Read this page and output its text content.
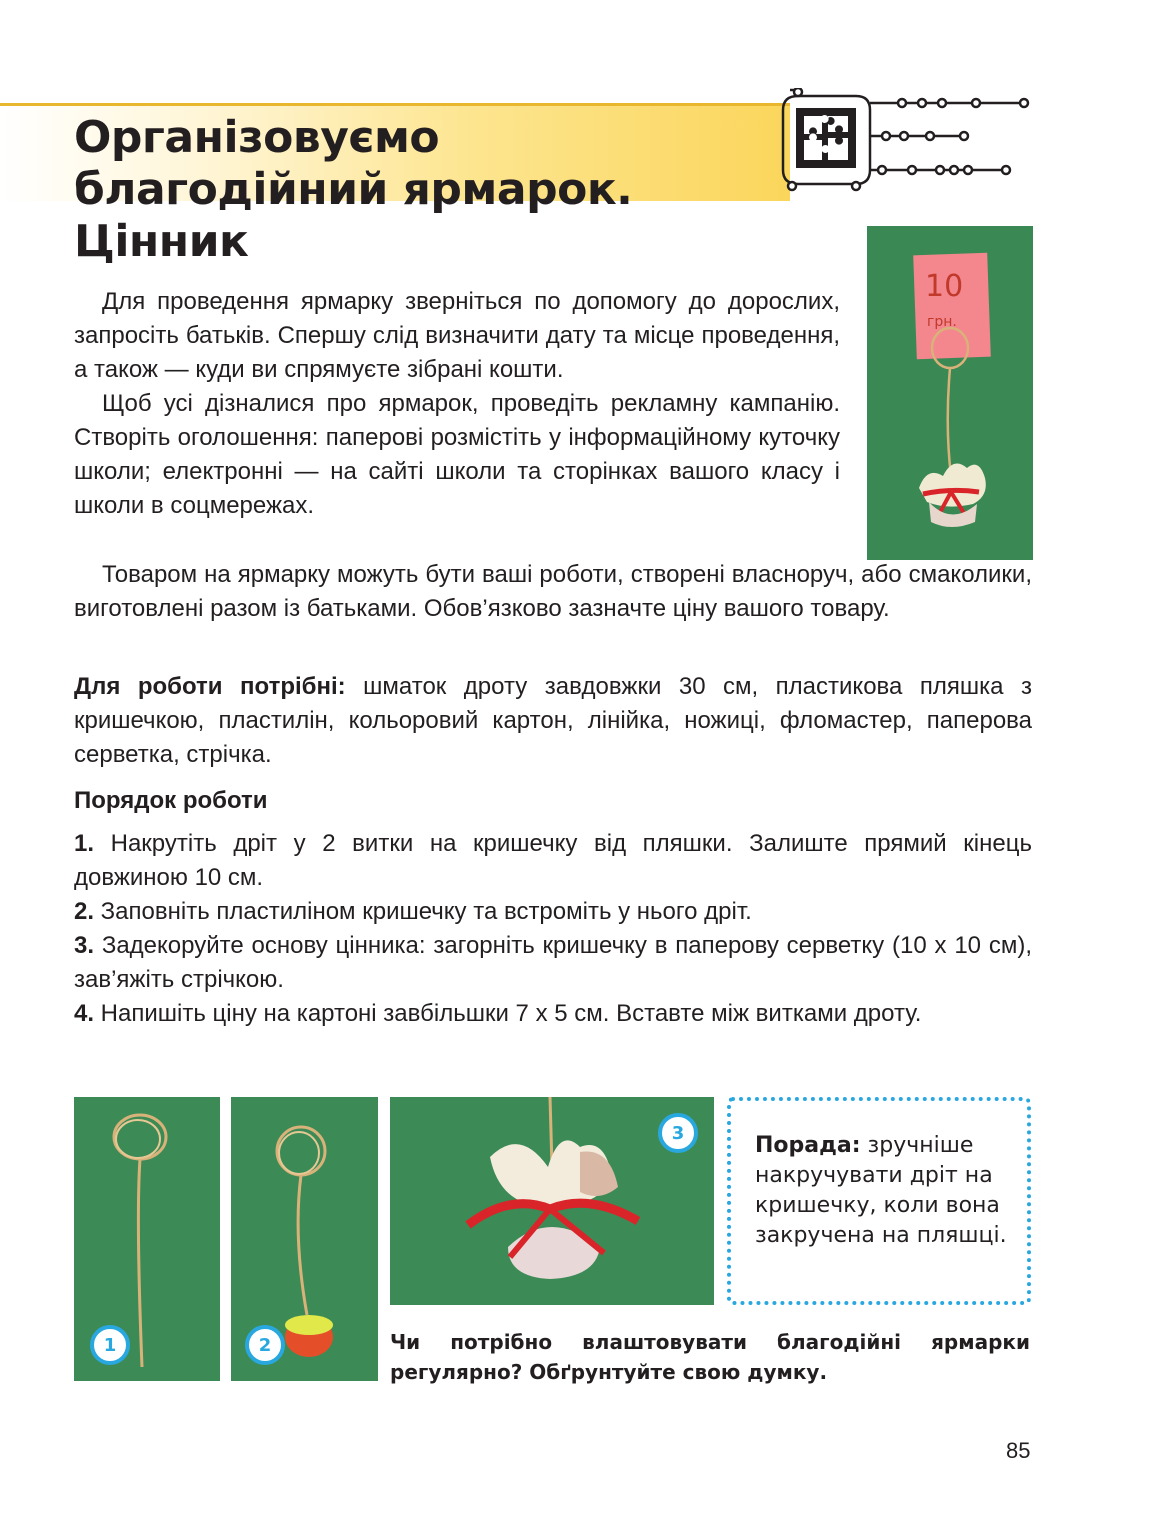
Організовуємо
благодійний ярмарок.
Цінник
10
грн.

Для проведення ярмарку зверніться по допомогу до дорослих, запросіть батьків. Спершу слід визначити дату та місце проведення, а також — куди ви спрямуєте зібрані кошти.

Щоб усі дізналися про ярмарок, проведіть рекламну кампанію. Створіть оголошення: паперові розмістіть у інформаційному куточку школи; електронні — на сайті школи та сторінках вашого класу і школи в соцмережах.

Товаром на ярмарку можуть бути ваші роботи, створені власноруч, або смаколики, виготовлені разом із батьками. Обов’язково зазначте ціну вашого товару.
Для роботи потрібні: шматок дроту завдовжки 30 см, пластикова пляшка з кришечкою, пластилін, кольоровий картон, лінійка, ножиці, фломастер, паперова серветка, стрічка.
Порядок роботи
1. Накрутіть дріт у 2 витки на кришечку від пляшки. Залиште прямий кінець довжиною 10 см.
2. Заповніть пластиліном кришечку та встроміть у нього дріт.
3. Задекоруйте основу цінника: загорніть кришечку в паперову серветку (10 х 10 см), зав’яжіть стрічкою.
4. Напишіть ціну на картоні завбільшки 7 х 5 см. Вставте між витками дроту.
1	2
3	Порада: зручніше накручувати дріт на кришечку, коли вона закручена на пляшці.
Чи потрібно влаштовувати благодійні ярмарки регулярно? Обґрунтуйте свою думку.
85
